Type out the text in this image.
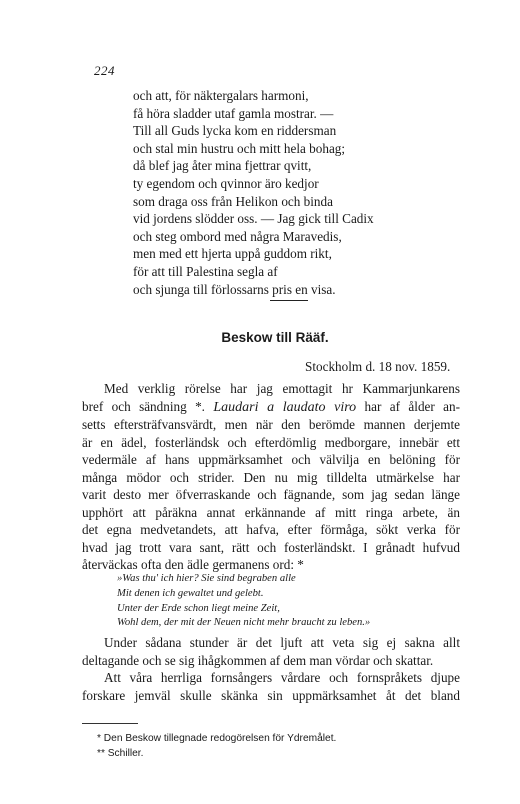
224
och att, för näktergalars harmoni,
få höra sladder utaf gamla mostrar. —
Till all Guds lycka kom en riddersman
och stal min hustru och mitt hela bohag;
då blef jag åter mina fjettrar qvitt,
ty egendom och qvinnor äro kedjor
som draga oss från Helikon och binda
vid jordens slödder oss. — Jag gick till Cadix
och steg ombord med några Maravedis,
men med ett hjerta uppå guddom rikt,
för att till Palestina segla af
och sjunga till förlossarns pris en visa.
Beskow till Rääf.
Stockholm d. 18 nov. 1859.
Med verklig rörelse har jag emottagit hr Kammarjunkarens
bref och sändning *. Laudari a laudato viro har af ålder an-
setts eftersträfvansvärdt, men när den berömde mannen derjemte
är en ädel, fosterländsk och efterdömlig medborgare, innebär ett
vedermäle af hans uppmärksamhet och välvilja en belöning för
många mödor och strider. Den nu mig tilldelta utmärkelse har
varit desto mer öfverraskande och fägnande, som jag sedan länge
upphört att påräkna annat erkännande af mitt ringa arbete, än
det egna medvetandets, att hafva, efter förmåga, sökt verka för
hvad jag trott vara sant, rätt och fosterländskt. I grånadt hufvud
återväckas ofta den ädle germanens ord: *
»Was thu' ich hier? Sie sind begraben alle
Mit denen ich gewaltet und gelebt.
Unter der Erde schon liegt meine Zeit,
Wohl dem, der mit der Neuen nicht mehr braucht zu leben.»
Under sådana stunder är det ljuft att veta sig ej sakna allt
deltagande och se sig ihågkommen af dem man vördar och skattar.
Att våra herrliga fornsångers vårdare och fornspråkets djupe
forskare jemväl skulle skänka sin uppmärksamhet åt det bland
* Den Beskow tillegnade redogörelsen för Ydremålet.
** Schiller.
